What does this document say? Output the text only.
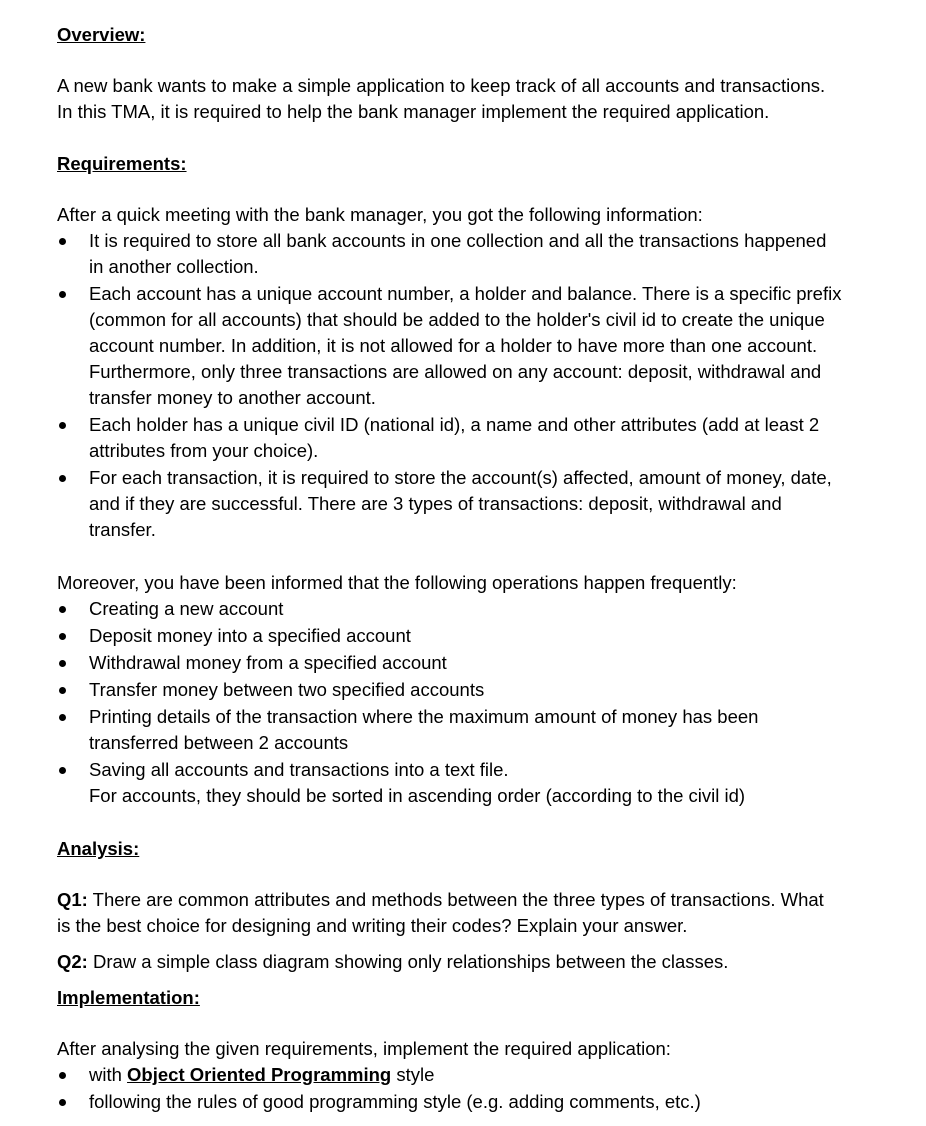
Overview:

A new bank wants to make a simple application to keep track of all accounts and transactions.
In this TMA, it is required to help the bank manager implement the required application.

Requirements:

After a quick meeting with the bank manager, you got the following information:

It is required to store all bank accounts in one collection and all the transactions happened
in another collection.
Each account has a unique account number, a holder and balance. There is a specific prefix
(common for all accounts) that should be added to the holder's civil id to create the unique
account number. In addition, it is not allowed for a holder to have more than one account.
Furthermore, only three transactions are allowed on any account: deposit, withdrawal and
transfer money to another account.
Each holder has a unique civil ID (national id), a name and other attributes (add at least 2
attributes from your choice).
For each transaction, it is required to store the account(s) affected, amount of money, date,
and if they are successful. There are 3 types of transactions: deposit, withdrawal and
transfer.

Moreover, you have been informed that the following operations happen frequently:

Creating a new account
Deposit money into a specified account
Withdrawal money from a specified account
Transfer money between two specified accounts
Printing details of the transaction where the maximum amount of money has been
transferred between 2 accounts
Saving all accounts and transactions into a text file.
For accounts, they should be sorted in ascending order (according to the civil id)
Analysis:

Q1: There are common attributes and methods between the three types of transactions. What
is the best choice for designing and writing their codes? Explain your answer.

Q2: Draw a simple class diagram showing only relationships between the classes.

Implementation:

After analysing the given requirements, implement the required application:

with Object Oriented Programming style
following the rules of good programming style (e.g. adding comments, etc.)
